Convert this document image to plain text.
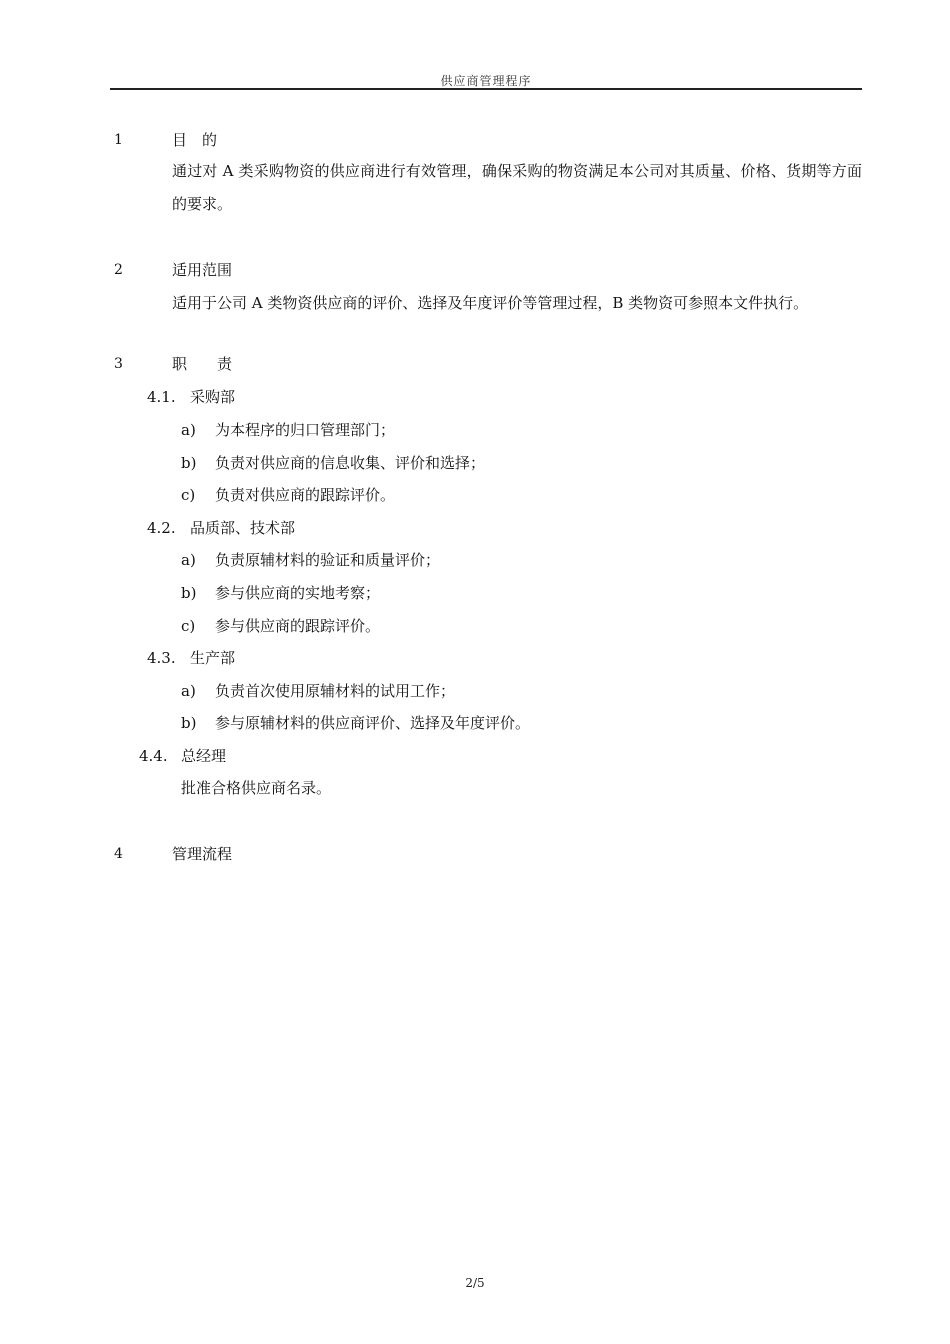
供应商管理程序
1	目　的
通过对 A 类采购物资的供应商进行有效管理，确保采购的物资满足本公司对其质量、价格、货期等方面的要求。
2	适用范围
适用于公司 A 类物资供应商的评价、选择及年度评价等管理过程，B 类物资可参照本文件执行。
3	职　　责
4.1. 采购部
a) 为本程序的归口管理部门；
b) 负责对供应商的信息收集、评价和选择；
c) 负责对供应商的跟踪评价。
4.2. 品质部、技术部
a) 负责原辅材料的验证和质量评价；
b) 参与供应商的实地考察；
c) 参与供应商的跟踪评价。
4.3. 生产部
a) 负责首次使用原辅材料的试用工作；
b) 参与原辅材料的供应商评价、选择及年度评价。
4.4. 总经理
批准合格供应商名录。
4	管理流程
2/5
